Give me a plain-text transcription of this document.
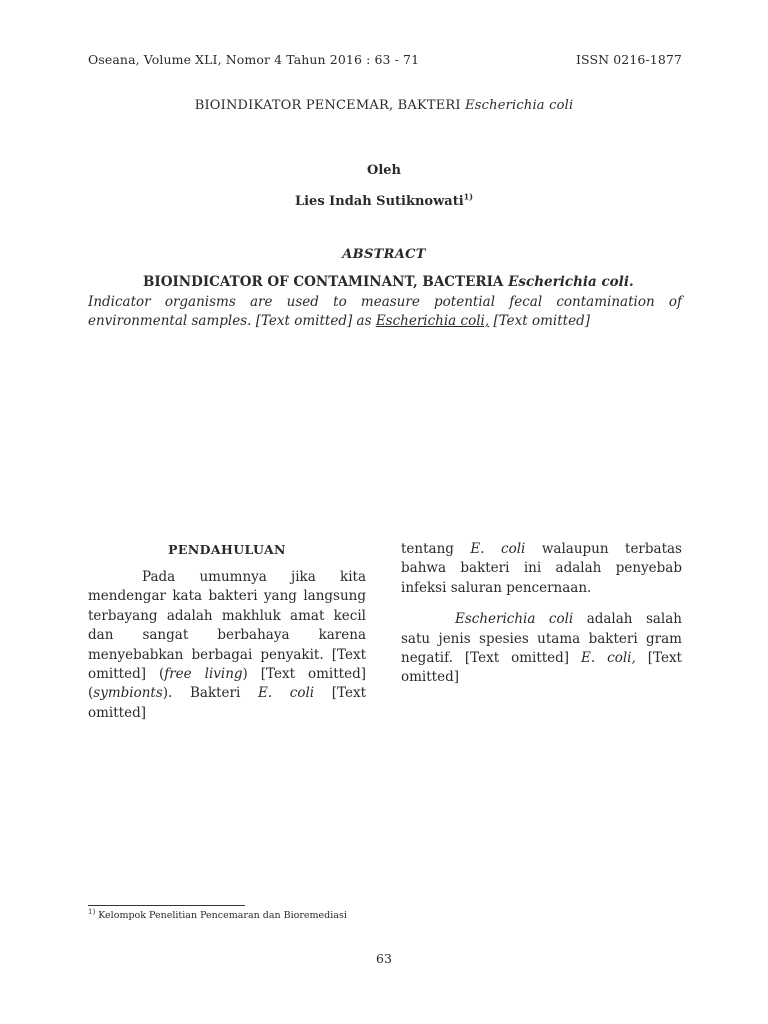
Oseana, Volume XLI, Nomor 4 Tahun 2016 : 63 - 71	ISSN 0216-1877
BIOINDIKATOR PENCEMAR, BAKTERI Escherichia coli
Oleh
Lies Indah Sutiknowati$^{1)}$
ABSTRACT
BIOINDICATOR OF CONTAMINANT, BACTERIA Escherichia coli.
Indicator organisms are used to measure potential fecal contamination of environmental samples. [Text omitted] as Escherichia coli, [Text omitted]
PENDAHULUAN
Pada umumnya jika kita mendengar kata bakteri yang langsung terbayang adalah makhluk amat kecil dan sangat berbahaya karena menyebabkan berbagai penyakit. [Text omitted] (free living) [Text omitted] (symbionts). Bakteri E. coli [Text omitted]
tentang E. coli walaupun terbatas bahwa bakteri ini adalah penyebab infeksi saluran pencernaan.
Escherichia coli adalah salah satu jenis spesies utama bakteri gram negatif. [Text omitted] E. coli, [Text omitted]
$^{1)}$ Kelompok Penelitian Pencemaran dan Bioremediasi
63
